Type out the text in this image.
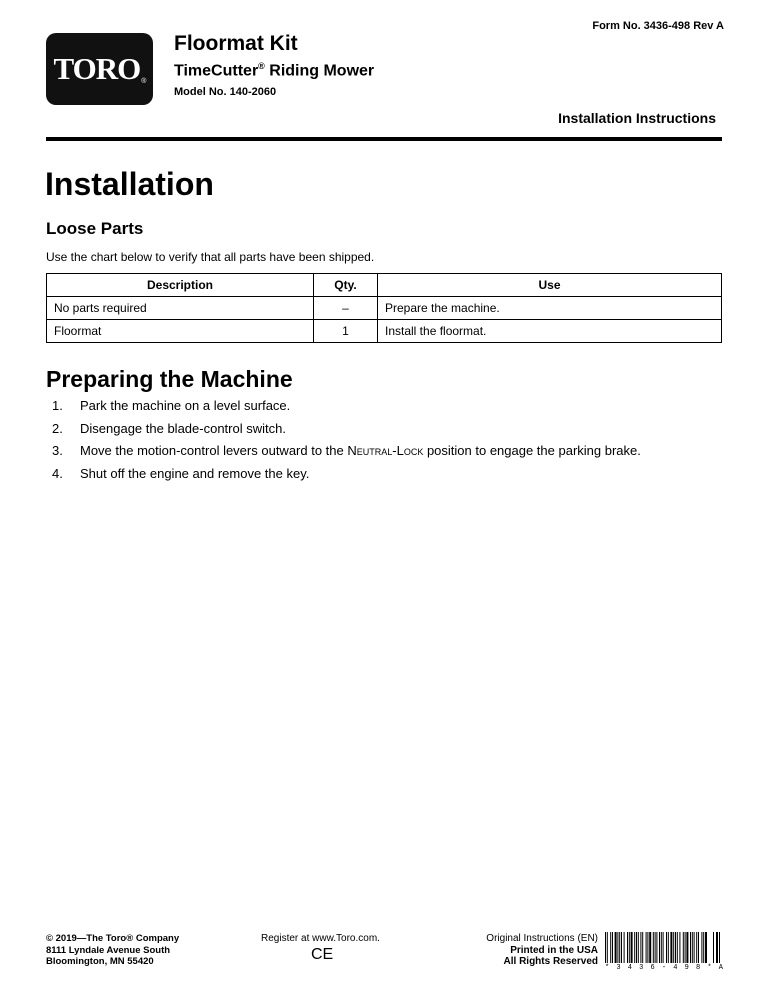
$TORO_®$
Floormat Kit
TimeCutter® Riding Mower
Model No. 140-2060
Form No. 3436-498 Rev A
Installation Instructions
Installation
Loose Parts
Use the chart below to verify that all parts have been shipped.
Description	Qty.	Use
No parts required	–	Prepare the machine.
Floormat	1	Install the floormat.
Preparing the Machine
1. Park the machine on a level surface.
2. Disengage the blade-control switch.
3. Move the motion-control levers outward to the Neutral-Lock position to engage the parking brake.
4. Shut off the engine and remove the key.
© 2019—The Toro® Company
8111 Lyndale Avenue South
Bloomington, MN 55420
Register at www.Toro.com.
CE
Original Instructions (EN)
Printed in the USA
All Rights Reserved
* 3 4 3 6 - 4 9 8 * A
